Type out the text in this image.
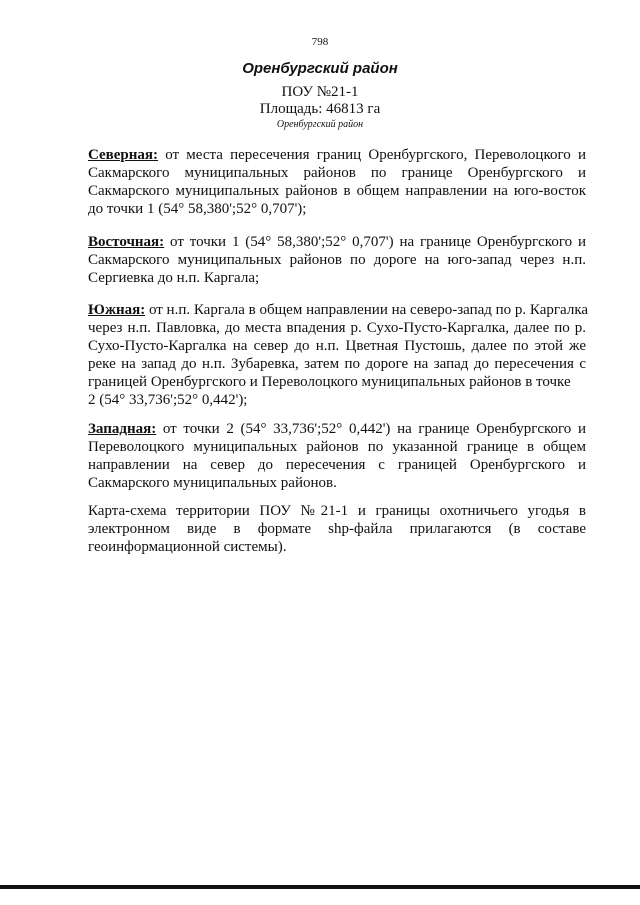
798
Оренбургский район
ПОУ №21-1
Площадь: 46813 га
Оренбургский район
Северная: от места пересечения границ Оренбургского, Переволоцкого и
Сакмарского муниципальных районов по границе Оренбургского и
Сакмарского муниципальных районов в общем направлении на юго-восток
до точки 1 (54° 58,380';52° 0,707');
Восточная: от точки 1 (54° 58,380';52° 0,707') на границе Оренбургского и
Сакмарского муниципальных районов по дороге на юго-запад через н.п.
Сергиевка до н.п. Каргала;
Южная: от н.п. Каргала в общем направлении на северо-запад по р. Каргалка
через н.п. Павловка, до места впадения р. Сухо-Пусто-Каргалка, далее по р.
Сухо-Пусто-Каргалка на север до н.п. Цветная Пустошь, далее по этой же
реке на запад до н.п. Зубаревка, затем по дороге на запад до пересечения с
границей Оренбургского и Переволоцкого муниципальных районов в точке
2 (54° 33,736';52° 0,442');
Западная: от точки 2 (54° 33,736';52° 0,442') на границе Оренбургского и
Переволоцкого муниципальных районов по указанной границе в общем
направлении на север до пересечения с границей Оренбургского и
Сакмарского муниципальных районов.
Карта-схема территории ПОУ №21-1 и границы охотничьего угодья в
электронном виде в формате shp-файла прилагаются (в составе
геоинформационной системы).
